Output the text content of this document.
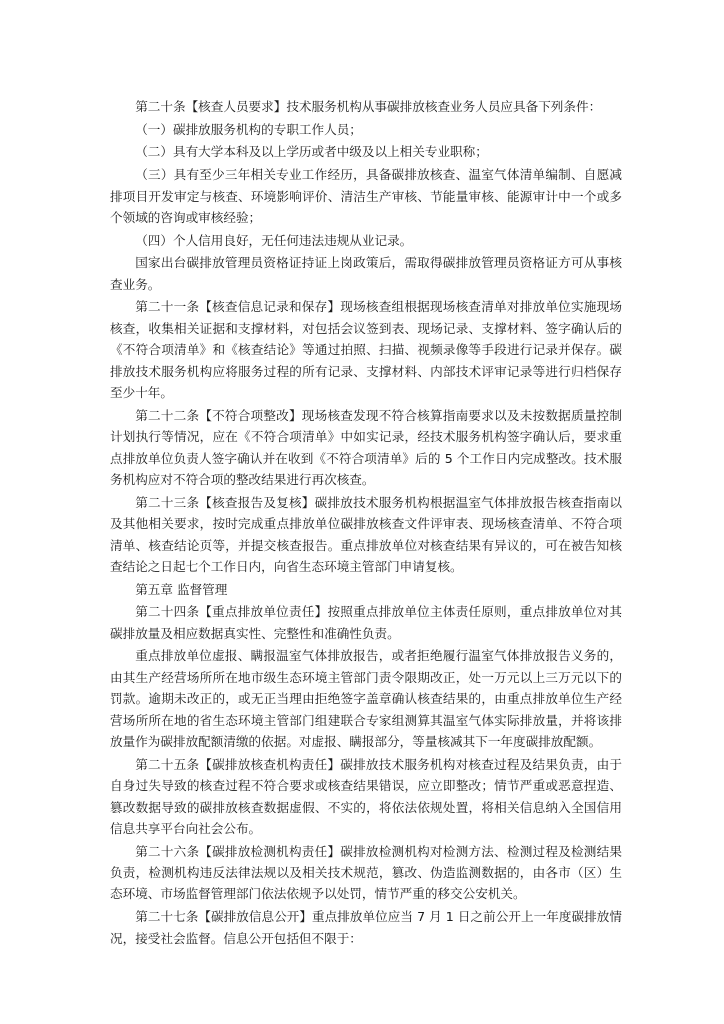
第二十条【核查人员要求】技术服务机构从事碳排放核查业务人员应具备下列条件：

（一）碳排放服务机构的专职工作人员；

（二）具有大学本科及以上学历或者中级及以上相关专业职称；

（三）具有至少三年相关专业工作经历，具备碳排放核查、温室气体清单编制、自愿减排项目开发审定与核查、环境影响评价、清洁生产审核、节能量审核、能源审计中一个或多个领域的咨询或审核经验；

（四）个人信用良好，无任何违法违规从业记录。

国家出台碳排放管理员资格证持证上岗政策后，需取得碳排放管理员资格证方可从事核查业务。

第二十一条【核查信息记录和保存】现场核查组根据现场核查清单对排放单位实施现场核查，收集相关证据和支撑材料，对包括会议签到表、现场记录、支撑材料、签字确认后的《不符合项清单》和《核查结论》等通过拍照、扫描、视频录像等手段进行记录并保存。碳排放技术服务机构应将服务过程的所有记录、支撑材料、内部技术评审记录等进行归档保存至少十年。

第二十二条【不符合项整改】现场核查发现不符合核算指南要求以及未按数据质量控制计划执行等情况，应在《不符合项清单》中如实记录，经技术服务机构签字确认后，要求重点排放单位负责人签字确认并在收到《不符合项清单》后的 5 个工作日内完成整改。技术服务机构应对不符合项的整改结果进行再次核查。

第二十三条【核查报告及复核】碳排放技术服务机构根据温室气体排放报告核查指南以及其他相关要求，按时完成重点排放单位碳排放核查文件评审表、现场核查清单、不符合项清单、核查结论页等，并提交核查报告。重点排放单位对核查结果有异议的，可在被告知核查结论之日起七个工作日内，向省生态环境主管部门申请复核。

第五章 监督管理

第二十四条【重点排放单位责任】按照重点排放单位主体责任原则，重点排放单位对其碳排放量及相应数据真实性、完整性和准确性负责。

重点排放单位虚报、瞒报温室气体排放报告，或者拒绝履行温室气体排放报告义务的，由其生产经营场所所在地市级生态环境主管部门责令限期改正，处一万元以上三万元以下的罚款。逾期未改正的，或无正当理由拒绝签字盖章确认核查结果的，由重点排放单位生产经营场所所在地的省生态环境主管部门组建联合专家组测算其温室气体实际排放量，并将该排放量作为碳排放配额清缴的依据。对虚报、瞒报部分，等量核减其下一年度碳排放配额。

第二十五条【碳排放核查机构责任】碳排放技术服务机构对核查过程及结果负责，由于自身过失导致的核查过程不符合要求或核查结果错误，应立即整改；情节严重或恶意捏造、篡改数据导致的碳排放核查数据虚假、不实的，将依法依规处置，将相关信息纳入全国信用信息共享平台向社会公布。

第二十六条【碳排放检测机构责任】碳排放检测机构对检测方法、检测过程及检测结果负责，检测机构违反法律法规以及相关技术规范，篡改、伪造监测数据的，由各市（区）生态环境、市场监督管理部门依法依规予以处罚，情节严重的移交公安机关。

第二十七条【碳排放信息公开】重点排放单位应当 7 月 1 日之前公开上一年度碳排放情况，接受社会监督。信息公开包括但不限于：
